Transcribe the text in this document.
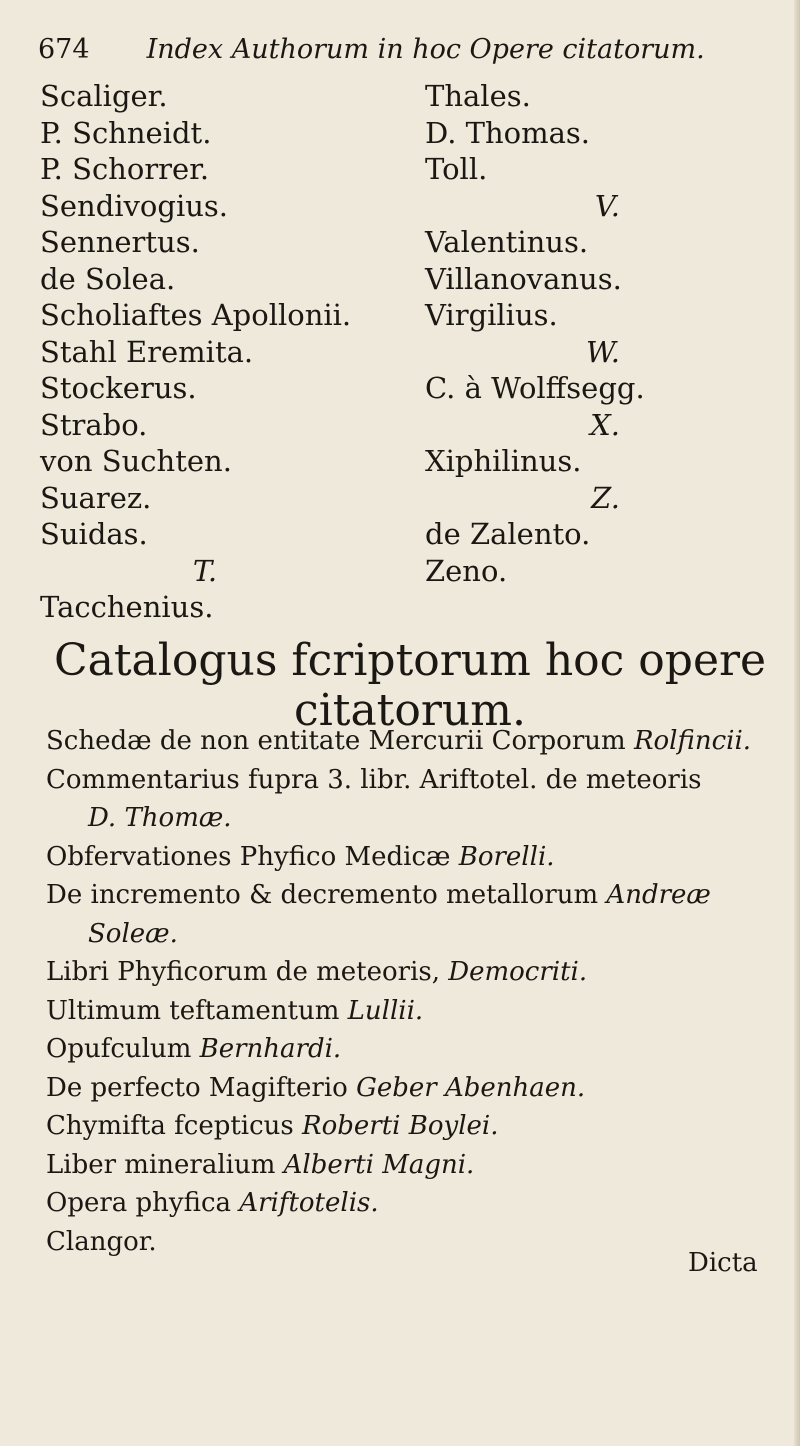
674 Index Authorum in hoc Opere citatorum.
Scaliger.
P. Schneidt.
P. Schorrer.
Sendivogius.
Sennertus.
de Solea.
Scholiaftes Apollonii.
Stahl Eremita.
Stockerus.
Strabo.
von Suchten.
Suarez.
Suidas.
T.
Tacchenius.
Thales.
D. Thomas.
Toll.
V.
Valentinus.
Villanovanus.
Virgilius.
W.
C. à Wolffsegg.
X.
Xiphilinus.
Z.
de Zalento.
Zeno.
Catalogus fcriptorum hoc opere
citatorum.
Schedæ de non entitate Mercurii Corporum Rolfincii.
Commentarius fupra 3. libr. Ariftotel. de meteoris
D. Thomæ.
Obfervationes Phyfico Medicæ Borelli.
De incremento & decremento metallorum Andreæ
Soleæ.
Libri Phyficorum de meteoris, Democriti.
Ultimum teftamentum Lullii.
Opufculum Bernhardi.
De perfecto Magifterio Geber Abenhaen.
Chymifta fcepticus Roberti Boylei.
Liber mineralium Alberti Magni.
Opera phyfica Ariftotelis.
Clangor.
Dicta
